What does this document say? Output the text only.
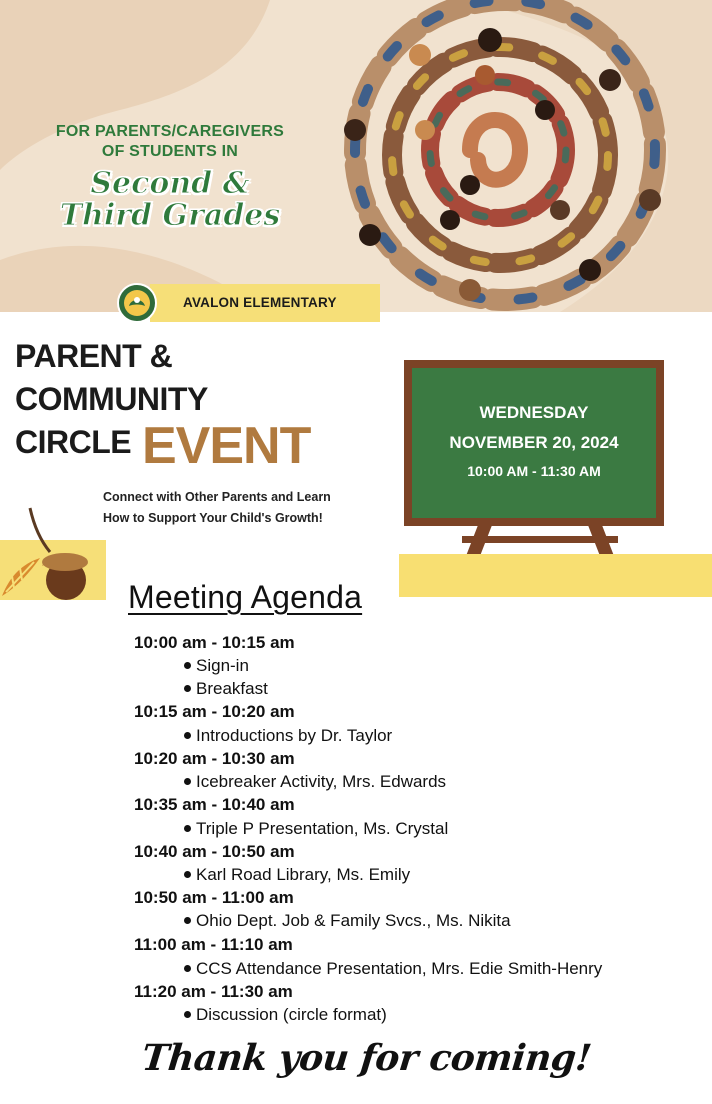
FOR PARENTS/CAREGIVERS
OF STUDENTS IN
Second &
Third Grades
AVALON ELEMENTARY
PARENT &
COMMUNITY
CIRCLE EVENT
Connect with Other Parents and Learn
How to Support Your Child's Growth!
WEDNESDAY
NOVEMBER 20, 2024
10:00 AM - 11:30 AM
Meeting Agenda
10:00 am - 10:15 am
Sign-in
Breakfast
10:15 am - 10:20 am
Introductions by Dr. Taylor
10:20 am - 10:30 am
Icebreaker Activity, Mrs. Edwards
10:35 am - 10:40 am
Triple P Presentation, Ms. Crystal
10:40 am - 10:50 am
Karl Road Library, Ms. Emily
10:50 am - 11:00 am
Ohio Dept. Job & Family Svcs., Ms. Nikita
11:00 am - 11:10 am
CCS Attendance Presentation, Mrs. Edie Smith-Henry
11:20 am - 11:30 am
Discussion (circle format)
Thank you for coming!
